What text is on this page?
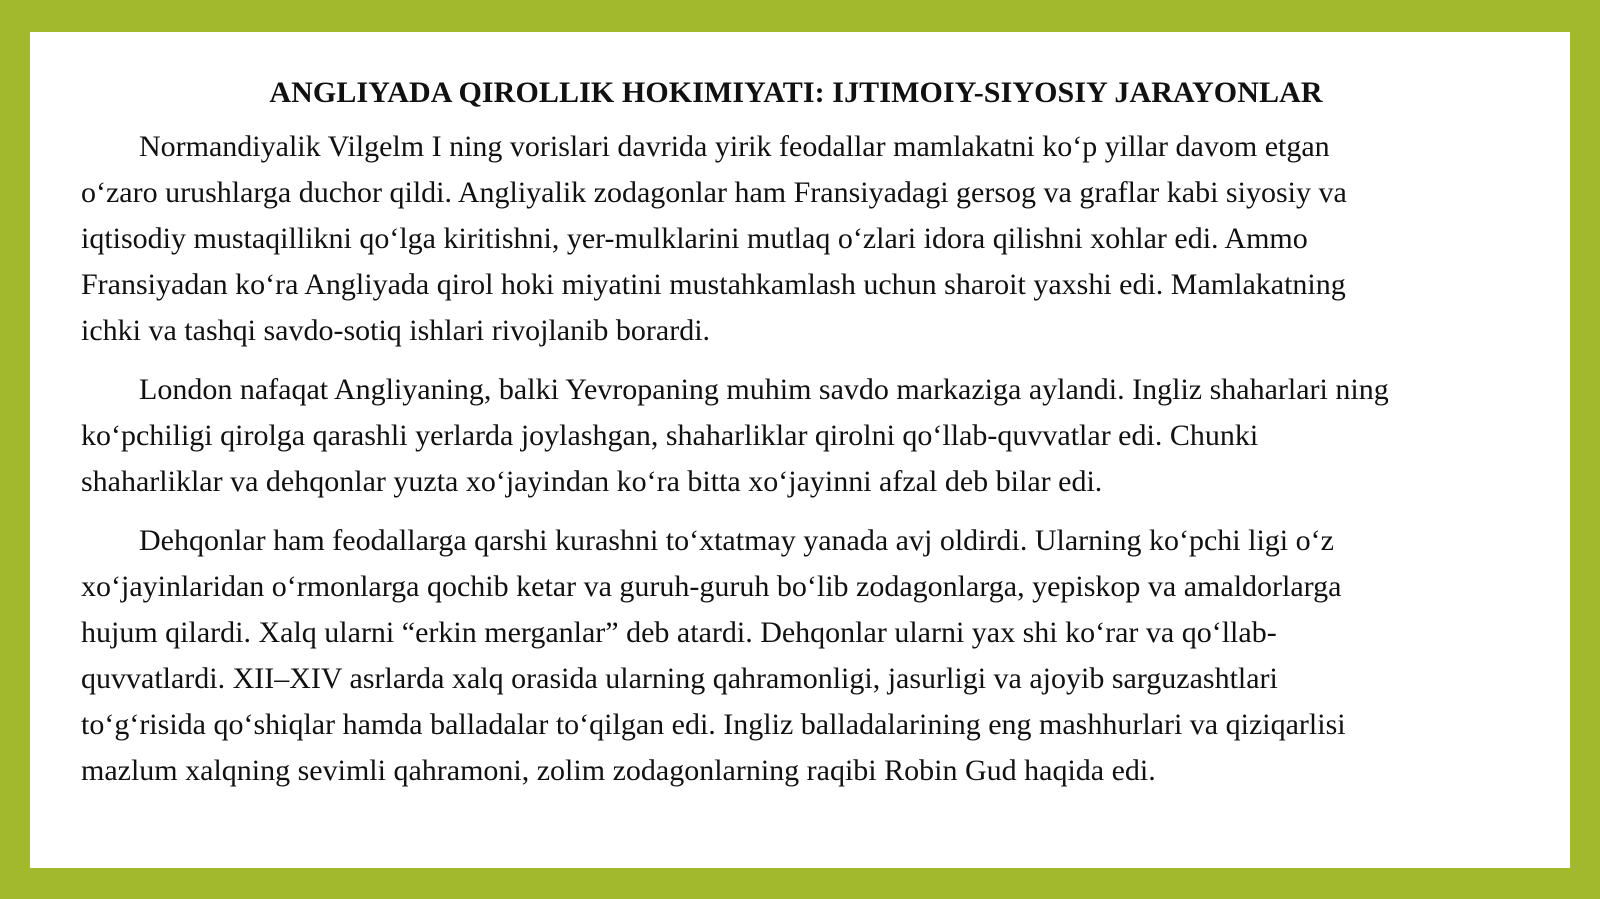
ANGLIYADA QIROLLIK HOKIMIYATI: IJTIMOIY-SIYOSIY JARAYONLAR

Normandiyalik Vilgelm I ning vorislari davrida yirik feodallar mamlakatni ko‘p yillar davom etgan
o‘zaro urushlarga duchor qildi. Angliyalik zodagonlar ham Fransiyadagi gersog va graflar kabi siyosiy va
iqtisodiy mustaqillikni qo‘lga kiritishni, yer-mulklarini mutlaq o‘zlari idora qilishni xohlar edi. Ammo
Fransiyadan ko‘ra Angliyada qirol hoki miyatini mustahkamlash uchun sharoit yaxshi edi. Mamlakatning
ichki va tashqi savdo-sotiq ishlari rivojlanib borardi.

London nafaqat Angliyaning, balki Yevropaning muhim savdo markaziga aylandi. Ingliz shaharlari ning
ko‘pchiligi qirolga qarashli yerlarda joylashgan, shaharliklar qirolni qo‘llab-quvvatlar edi. Chunki
shaharliklar va dehqonlar yuzta xo‘jayindan ko‘ra bitta xo‘jayinni afzal deb bilar edi.

Dehqonlar ham feodallarga qarshi kurashni to‘xtatmay yanada avj oldirdi. Ularning ko‘pchi ligi o‘z
xo‘jayinlaridan o‘rmonlarga qochib ketar va guruh-guruh bo‘lib zodagonlarga, yepiskop va amaldorlarga
hujum qilardi. Xalq ularni “erkin merganlar” deb atardi. Dehqonlar ularni yax shi ko‘rar va qo‘llab-
quvvatlardi. XII–XIV asrlarda xalq orasida ularning qahramonligi, jasurligi va ajoyib sarguzashtlari
to‘g‘risida qo‘shiqlar hamda balladalar to‘qilgan edi. Ingliz balladalarining eng mashhurlari va qiziqarlisi
mazlum xalqning sevimli qahramoni, zolim zodagonlarning raqibi Robin Gud haqida edi.
